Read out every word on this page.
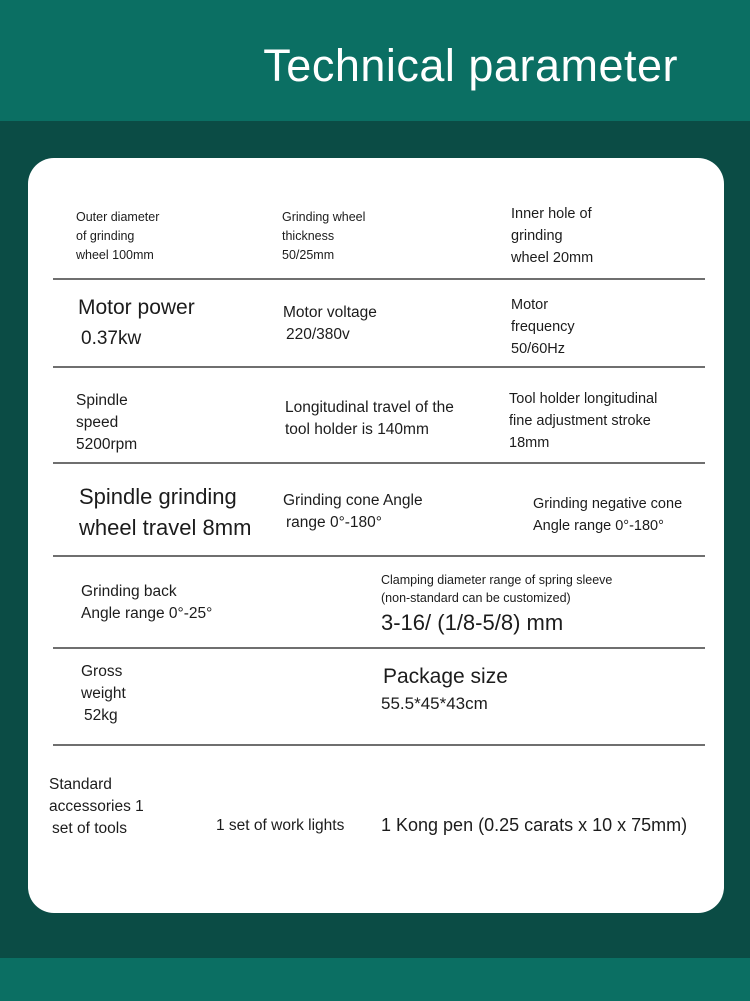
Technical parameter
Outer diameter
of grinding
wheel 100mm
Grinding wheel
thickness
50/25mm
Inner hole of
grinding
wheel 20mm
Motor power
0.37kw
Motor voltage
220/380v
Motor
frequency
50/60Hz
Spindle
speed
5200rpm
Longitudinal travel of the
tool holder is 140mm
Tool holder longitudinal
fine adjustment stroke
18mm
Spindle grinding
wheel travel 8mm
Grinding cone Angle
range 0°-180°
Grinding negative cone
Angle range 0°-180°
Grinding back
Angle range 0°-25°
Clamping diameter range of spring sleeve
(non-standard can be customized)
3-16/ (1/8-5/8) mm
Gross
weight
52kg
Package size
55.5*45*43cm
Standard
accessories 1
set of tools	1 set of work lights 1 Kong pen (0.25 carats x 10 x 75mm)
